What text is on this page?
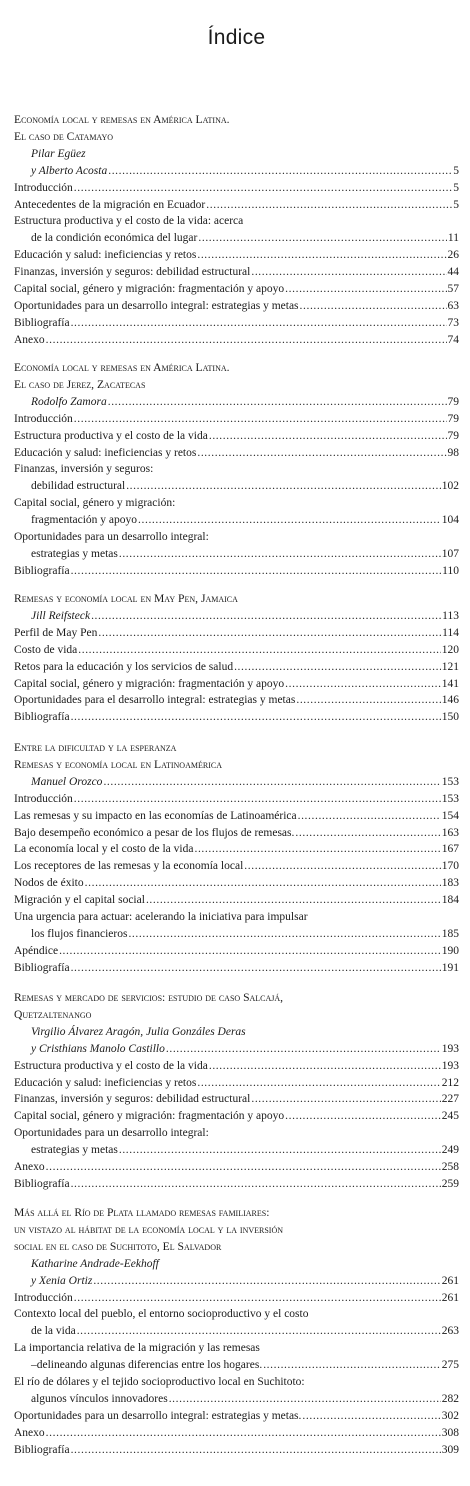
Índice
Economía local y remesas en América Latina.
El caso de Catamayo
Pilar Egüez
y Alberto Acosta .....	5
Introducción .....	5
Antecedentes de la migración en Ecuador .....	5
Estructura productiva y el costo de la vida: acerca
de la condición económica del lugar .....	11
Educación y salud: ineficiencias y retos .....	26
Finanzas, inversión y seguros: debilidad estructural .....	44
Capital social, género y migración: fragmentación y apoyo .....	57
Oportunidades para un desarrollo integral: estrategias y metas .....	63
Bibliografía .....	73
Anexo .....	74
Economía local y remesas en América Latina.
El caso de Jerez, Zacatecas
Rodolfo Zamora .....	79
Introducción .....	79
Estructura productiva y el costo de la vida .....	79
Educación y salud: ineficiencias y retos .....	98
Finanzas, inversión y seguros:
debilidad estructural .....	102
Capital social, género y migración:
fragmentación y apoyo .....	104
Oportunidades para un desarrollo integral:
estrategias y metas .....	107
Bibliografía .....	110
Remesas y economía local en May Pen, Jamaica
Jill Reifsteck .....	113
Perfil de May Pen .....	114
Costo de vida .....	120
Retos para la educación y los servicios de salud .....	121
Capital social, género y migración: fragmentación y apoyo .....	141
Oportunidades para el desarrollo integral: estrategias y metas .....	146
Bibliografía .....	150
Entre la dificultad y la esperanza
Remesas y economía local en Latinoamérica
Manuel Orozco .....	153
Introducción .....	153
Las remesas y su impacto en las economías de Latinoamérica .....	154
Bajo desempeño económico a pesar de los flujos de remesas. .....	163
La economía local y el costo de la vida .....	167
Los receptores de las remesas y la economía local .....	170
Nodos de éxito .....	183
Migración y el capital social .....	184
Una urgencia para actuar: acelerando la iniciativa para impulsar
los flujos financieros .....	185
Apéndice .....	190
Bibliografía .....	191
Remesas y mercado de servicios: estudio de caso Salcajá,
Quetzaltenango
Virgilio Álvarez Aragón, Julia Gonzáles Deras
y Cristhians Manolo Castillo .....	193
Estructura productiva y el costo de la vida .....	193
Educación y salud: ineficiencias y retos .....	212
Finanzas, inversión y seguros: debilidad estructural .....	227
Capital social, género y migración: fragmentación y apoyo .....	245
Oportunidades para un desarrollo integral:
estrategias y metas .....	249
Anexo .....	258
Bibliografía .....	259
Más allá el Río de Plata llamado remesas familiares:
un vistazo al hábitat de la economía local y la inversión
social en el caso de Suchitoto, El Salvador
Katharine Andrade-Eekhoff
y Xenia Ortiz .....	261
Introducción .....	261
Contexto local del pueblo, el entorno socioproductivo y el costo
de la vida .....	263
La importancia relativa de la migración y las remesas
–delineando algunas diferencias entre los hogares. .....	275
El río de dólares y el tejido socioproductivo local en Suchitoto:
algunos vínculos innovadores .....	282
Oportunidades para un desarrollo integral: estrategias y metas. .....	302
Anexo .....	308
Bibliografía .....	309
